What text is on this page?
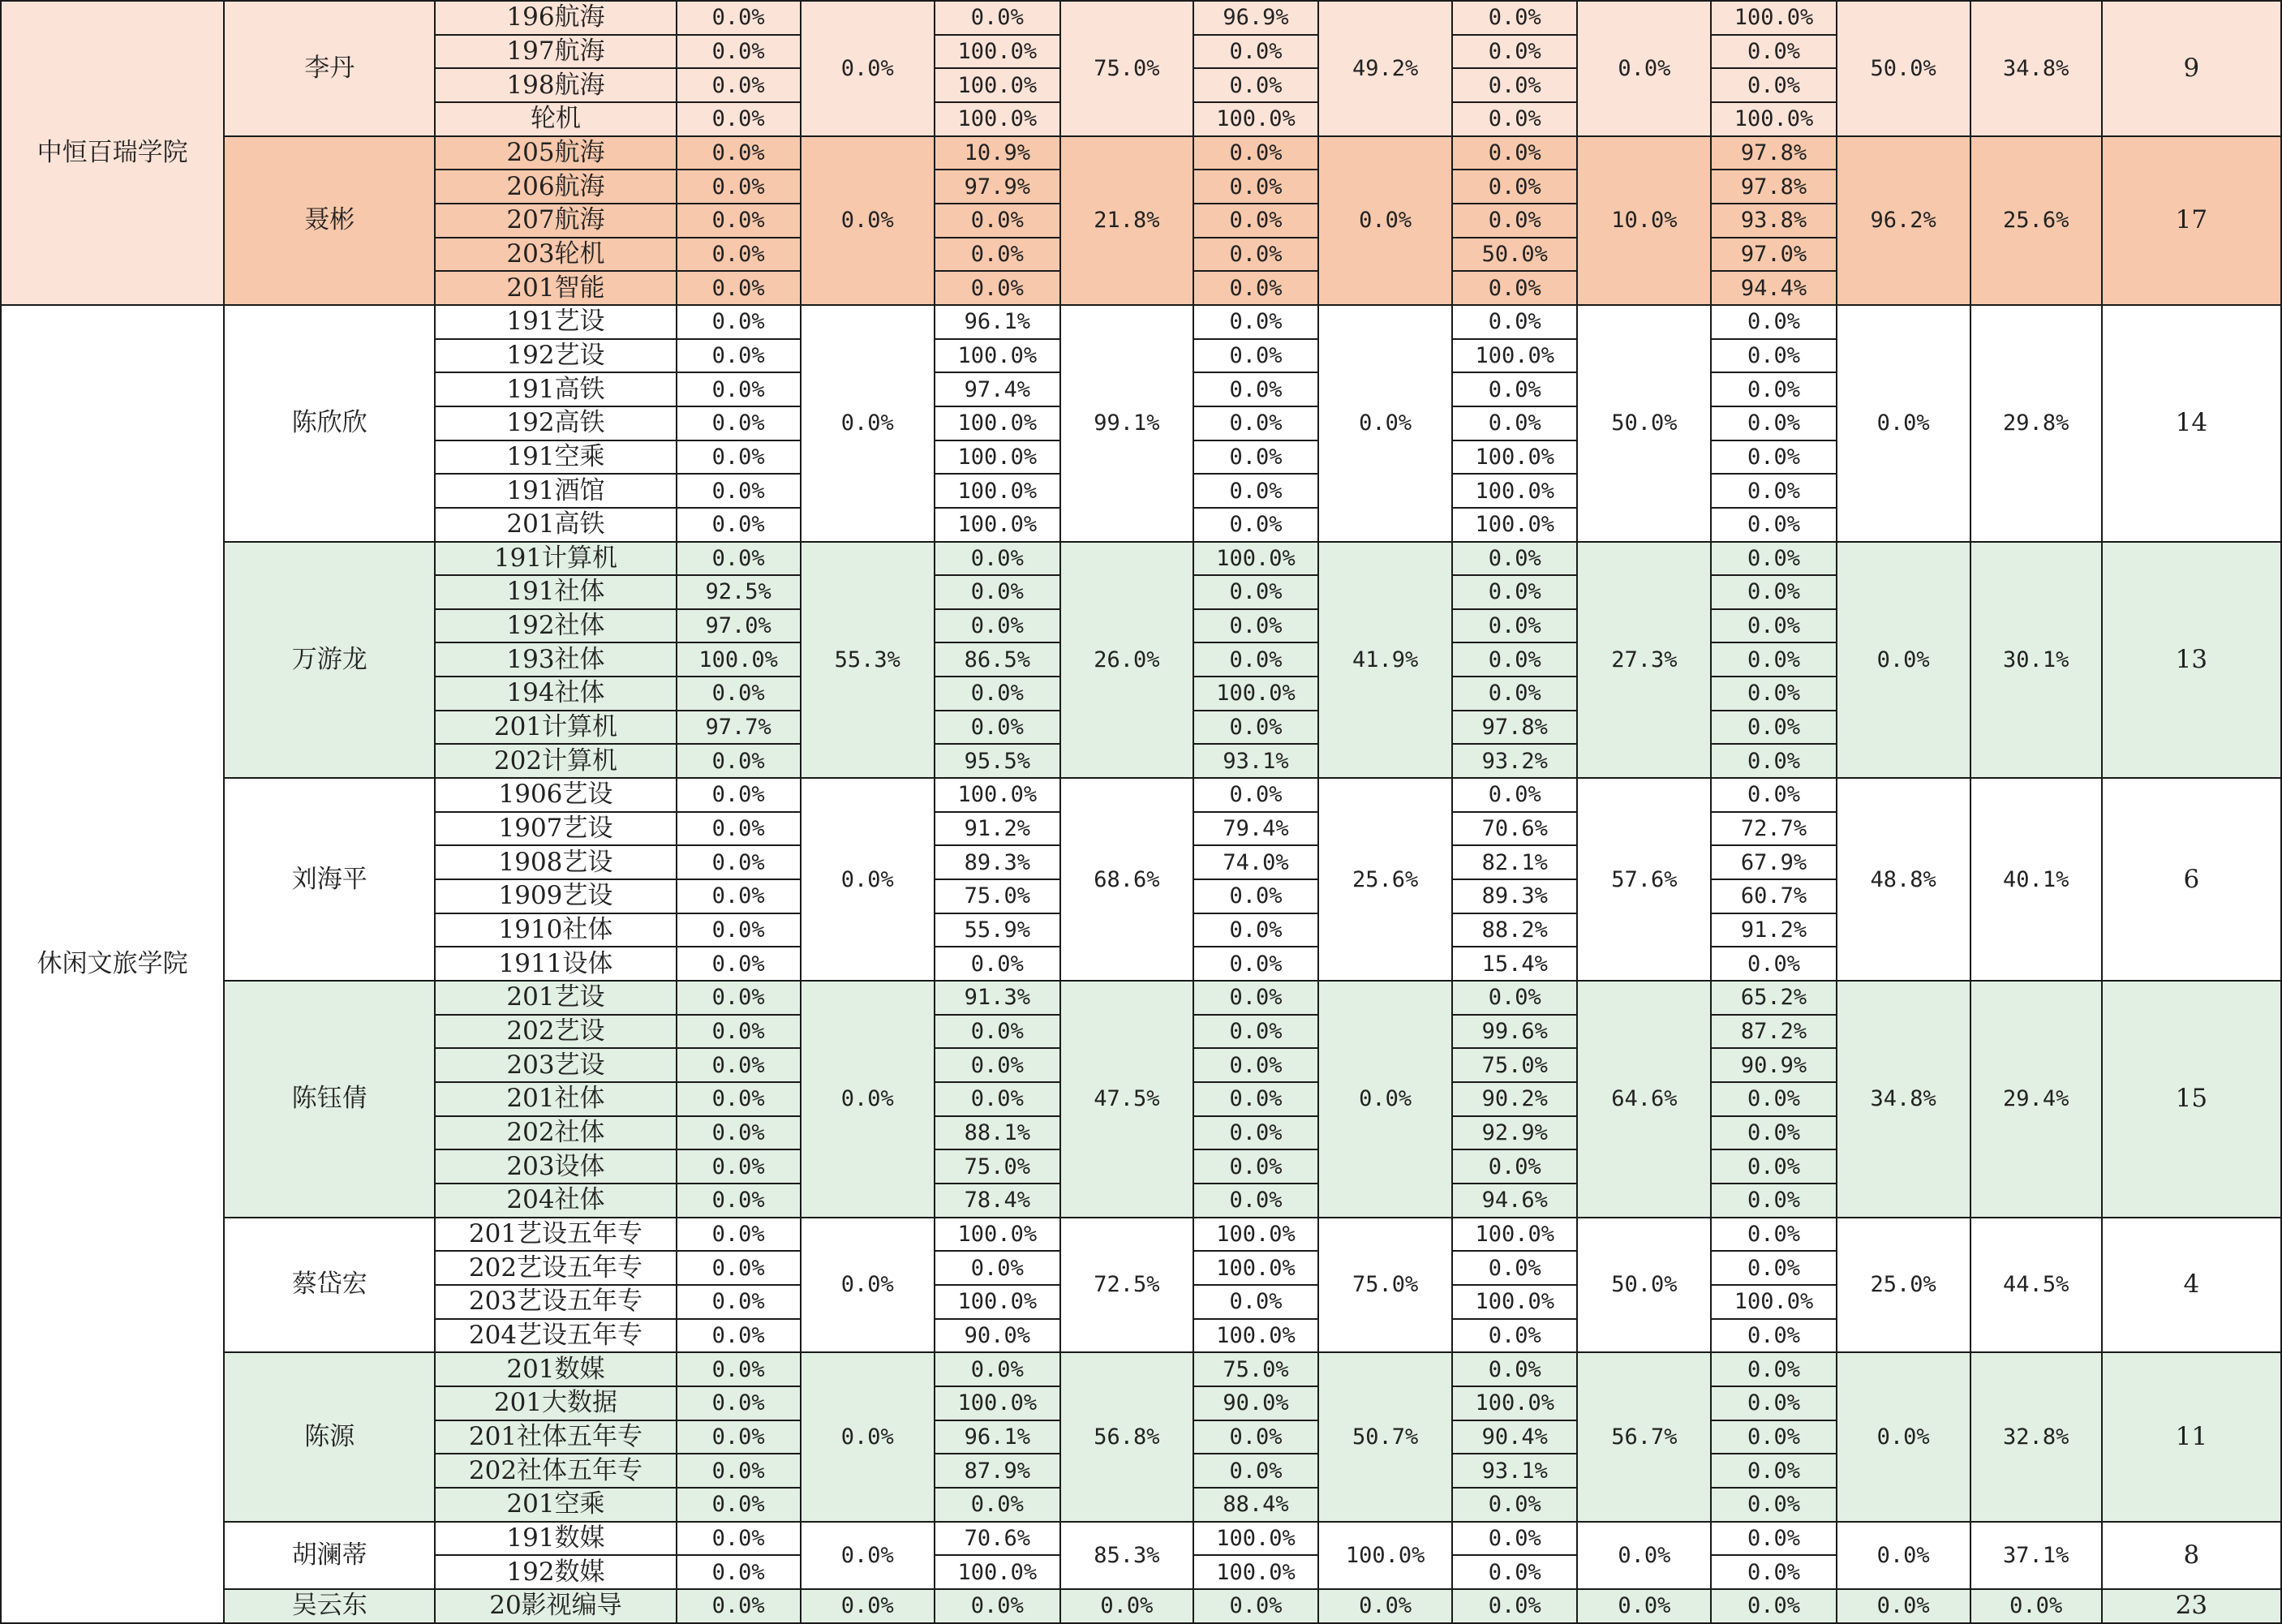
中恒百瑞学院	李丹	196航海	0.0%	0.0%	0.0%	75.0%	96.9%	49.2%	0.0%	0.0%	100.0%	50.0%	34.8%	9
		197航海	0.0%		100.0%		0.0%		0.0%		0.0%			
		198航海	0.0%		100.0%		0.0%		0.0%		0.0%			
		轮机	0.0%		100.0%		100.0%		0.0%		100.0%			
	聂彬	205航海	0.0%	0.0%	10.9%	21.8%	0.0%	0.0%	0.0%	10.0%	97.8%	96.2%	25.6%	17
		206航海	0.0%		97.9%		0.0%		0.0%		97.8%			
		207航海	0.0%		0.0%		0.0%		0.0%		93.8%			
		203轮机	0.0%		0.0%		0.0%		50.0%		97.0%			
		201智能	0.0%		0.0%		0.0%		0.0%		94.4%			
休闲文旅学院	陈欣欣	191艺设	0.0%	0.0%	96.1%	99.1%	0.0%	0.0%	0.0%	50.0%	0.0%	0.0%	29.8%	14
		192艺设	0.0%		100.0%		0.0%		100.0%		0.0%			
		191高铁	0.0%		97.4%		0.0%		0.0%		0.0%			
		192高铁	0.0%		100.0%		0.0%		0.0%		0.0%			
		191空乘	0.0%		100.0%		0.0%		100.0%		0.0%			
		191酒馆	0.0%		100.0%		0.0%		100.0%		0.0%			
		201高铁	0.0%		100.0%		0.0%		100.0%		0.0%			
	万游龙	191计算机	0.0%	55.3%	0.0%	26.0%	100.0%	41.9%	0.0%	27.3%	0.0%	0.0%	30.1%	13
		191社体	92.5%		0.0%		0.0%		0.0%		0.0%			
		192社体	97.0%		0.0%		0.0%		0.0%		0.0%			
		193社体	100.0%		86.5%		0.0%		0.0%		0.0%			
		194社体	0.0%		0.0%		100.0%		0.0%		0.0%			
		201计算机	97.7%		0.0%		0.0%		97.8%		0.0%			
		202计算机	0.0%		95.5%		93.1%		93.2%		0.0%			
	刘海平	1906艺设	0.0%	0.0%	100.0%	68.6%	0.0%	25.6%	0.0%	57.6%	0.0%	48.8%	40.1%	6
		1907艺设	0.0%		91.2%		79.4%		70.6%		72.7%			
		1908艺设	0.0%		89.3%		74.0%		82.1%		67.9%			
		1909艺设	0.0%		75.0%		0.0%		89.3%		60.7%			
		1910社体	0.0%		55.9%		0.0%		88.2%		91.2%			
		1911设体	0.0%		0.0%		0.0%		15.4%		0.0%			
	陈钰倩	201艺设	0.0%	0.0%	91.3%	47.5%	0.0%	0.0%	0.0%	64.6%	65.2%	34.8%	29.4%	15
		202艺设	0.0%		0.0%		0.0%		99.6%		87.2%			
		203艺设	0.0%		0.0%		0.0%		75.0%		90.9%			
		201社体	0.0%		0.0%		0.0%		90.2%		0.0%			
		202社体	0.0%		88.1%		0.0%		92.9%		0.0%			
		203设体	0.0%		75.0%		0.0%		0.0%		0.0%			
		204社体	0.0%		78.4%		0.0%		94.6%		0.0%			
	蔡岱宏	201艺设五年专	0.0%	0.0%	100.0%	72.5%	100.0%	75.0%	100.0%	50.0%	0.0%	25.0%	44.5%	4
		202艺设五年专	0.0%		0.0%		100.0%		0.0%		0.0%			
		203艺设五年专	0.0%		100.0%		0.0%		100.0%		100.0%			
		204艺设五年专	0.0%		90.0%		100.0%		0.0%		0.0%			
	陈源	201数媒	0.0%	0.0%	0.0%	56.8%	75.0%	50.7%	0.0%	56.7%	0.0%	0.0%	32.8%	11
		201大数据	0.0%		100.0%		90.0%		100.0%		0.0%			
		201社体五年专	0.0%		96.1%		0.0%		90.4%		0.0%			
		202社体五年专	0.0%		87.9%		0.0%		93.1%		0.0%			
		201空乘	0.0%		0.0%		88.4%		0.0%		0.0%			
	胡澜蒂	191数媒	0.0%	0.0%	70.6%	85.3%	100.0%	100.0%	0.0%	0.0%	0.0%	0.0%	37.1%	8
		192数媒	0.0%		100.0%		100.0%		0.0%		0.0%			
	吴云东	20影视编导	0.0%	0.0%	0.0%	0.0%	0.0%	0.0%	0.0%	0.0%	0.0%	0.0%	0.0%	23
